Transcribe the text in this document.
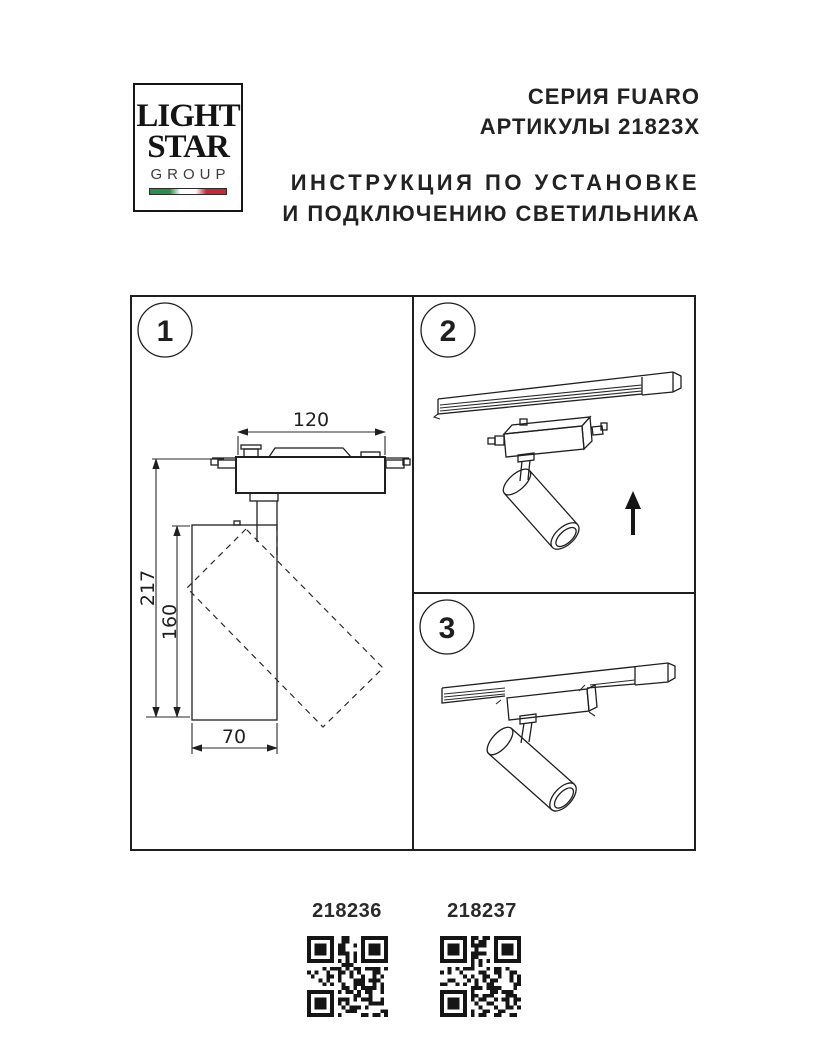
LIGHT
STAR
GROUP
СЕРИЯ FUARO
АРТИКУЛЫ 21823X
ИНСТРУКЦИЯ ПО УСТАНОВКЕ
И ПОДКЛЮЧЕНИЮ СВЕТИЛЬНИКА
1	2
3
120
217
160
70
218236	218237
